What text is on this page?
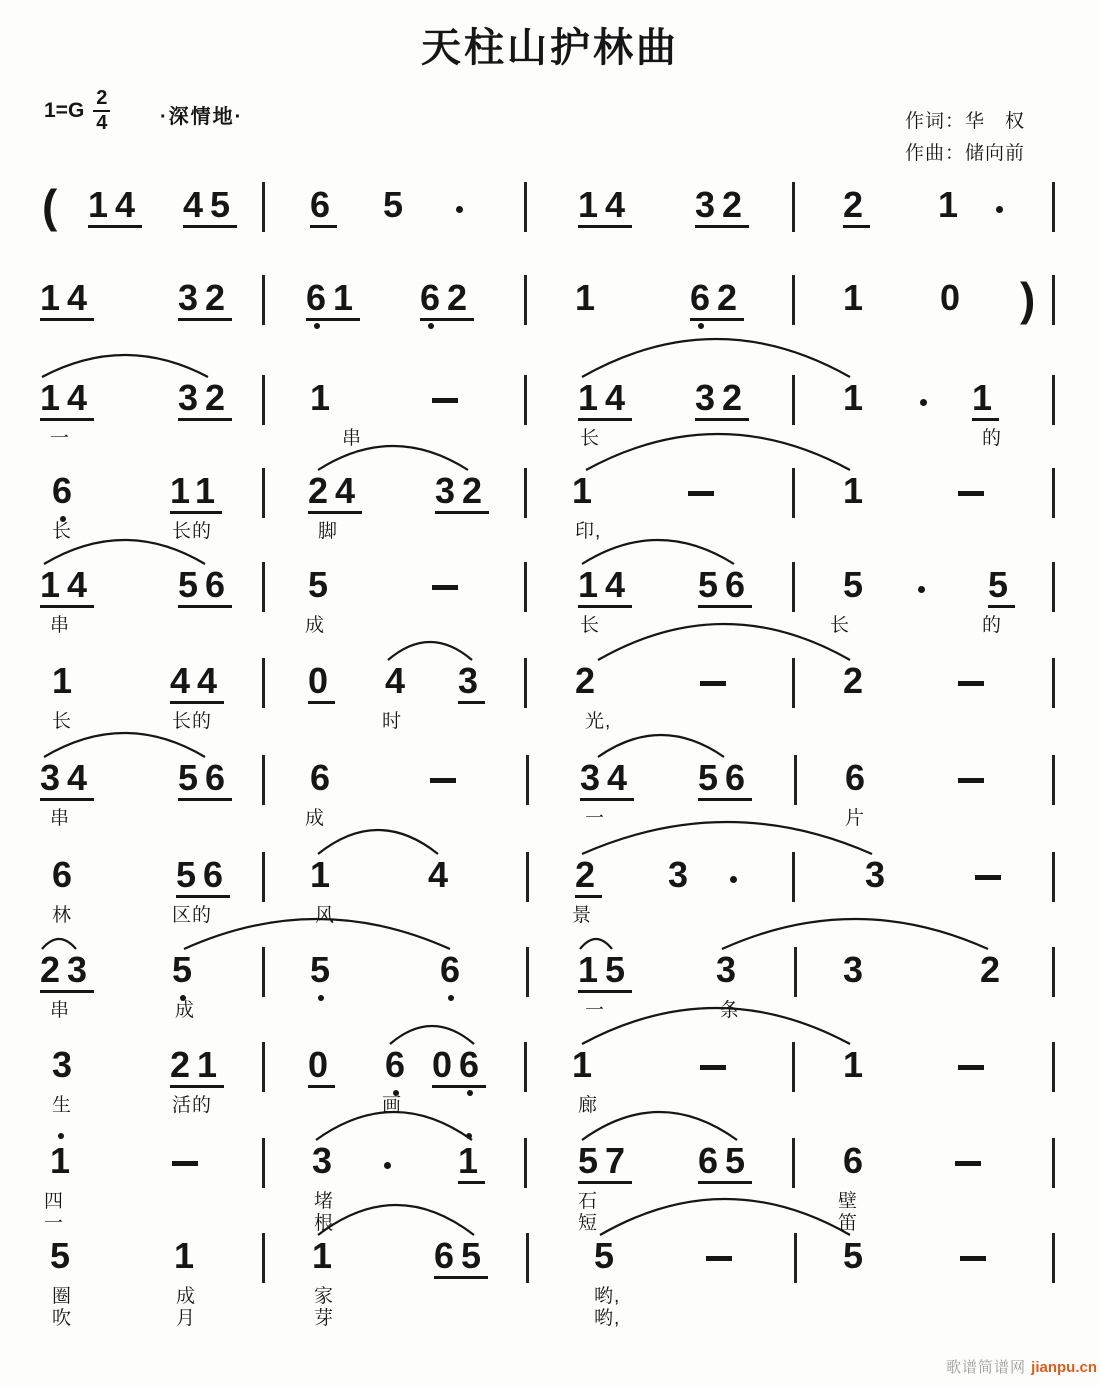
天柱山护林曲
$1=G \frac{2}{4}$ ·深情地·	作词：华　权
作曲：储向前
( 14 45 6 5	14 32	2 1
14 32 61 62	1 62	1 0 )
14 32 1	14 32	1	1
一	串	长	的
6	11 24 32 1	1
长	长的	脚	印,
14 56 5	14 56	5	5
串	成	长	长	的
1	44 0 4 3 2	2
长	长的	时	光,
34 56 6	34 56	6
串	成	一	片
6	56 1	4	2 3	3
林	区的	风	景
23 5	5	6	15 3	3	2
串	成	一	条
3	21 0 6 06 1	1
生	活的	画	廊
1	3	1	57 65	6
四	堵	石	壁
一	根	短	笛
5	1	1	65	5	5
圈	成	家	哟,
吹	月	芽	哟,
歌谱简谱网 jianpu.cn
